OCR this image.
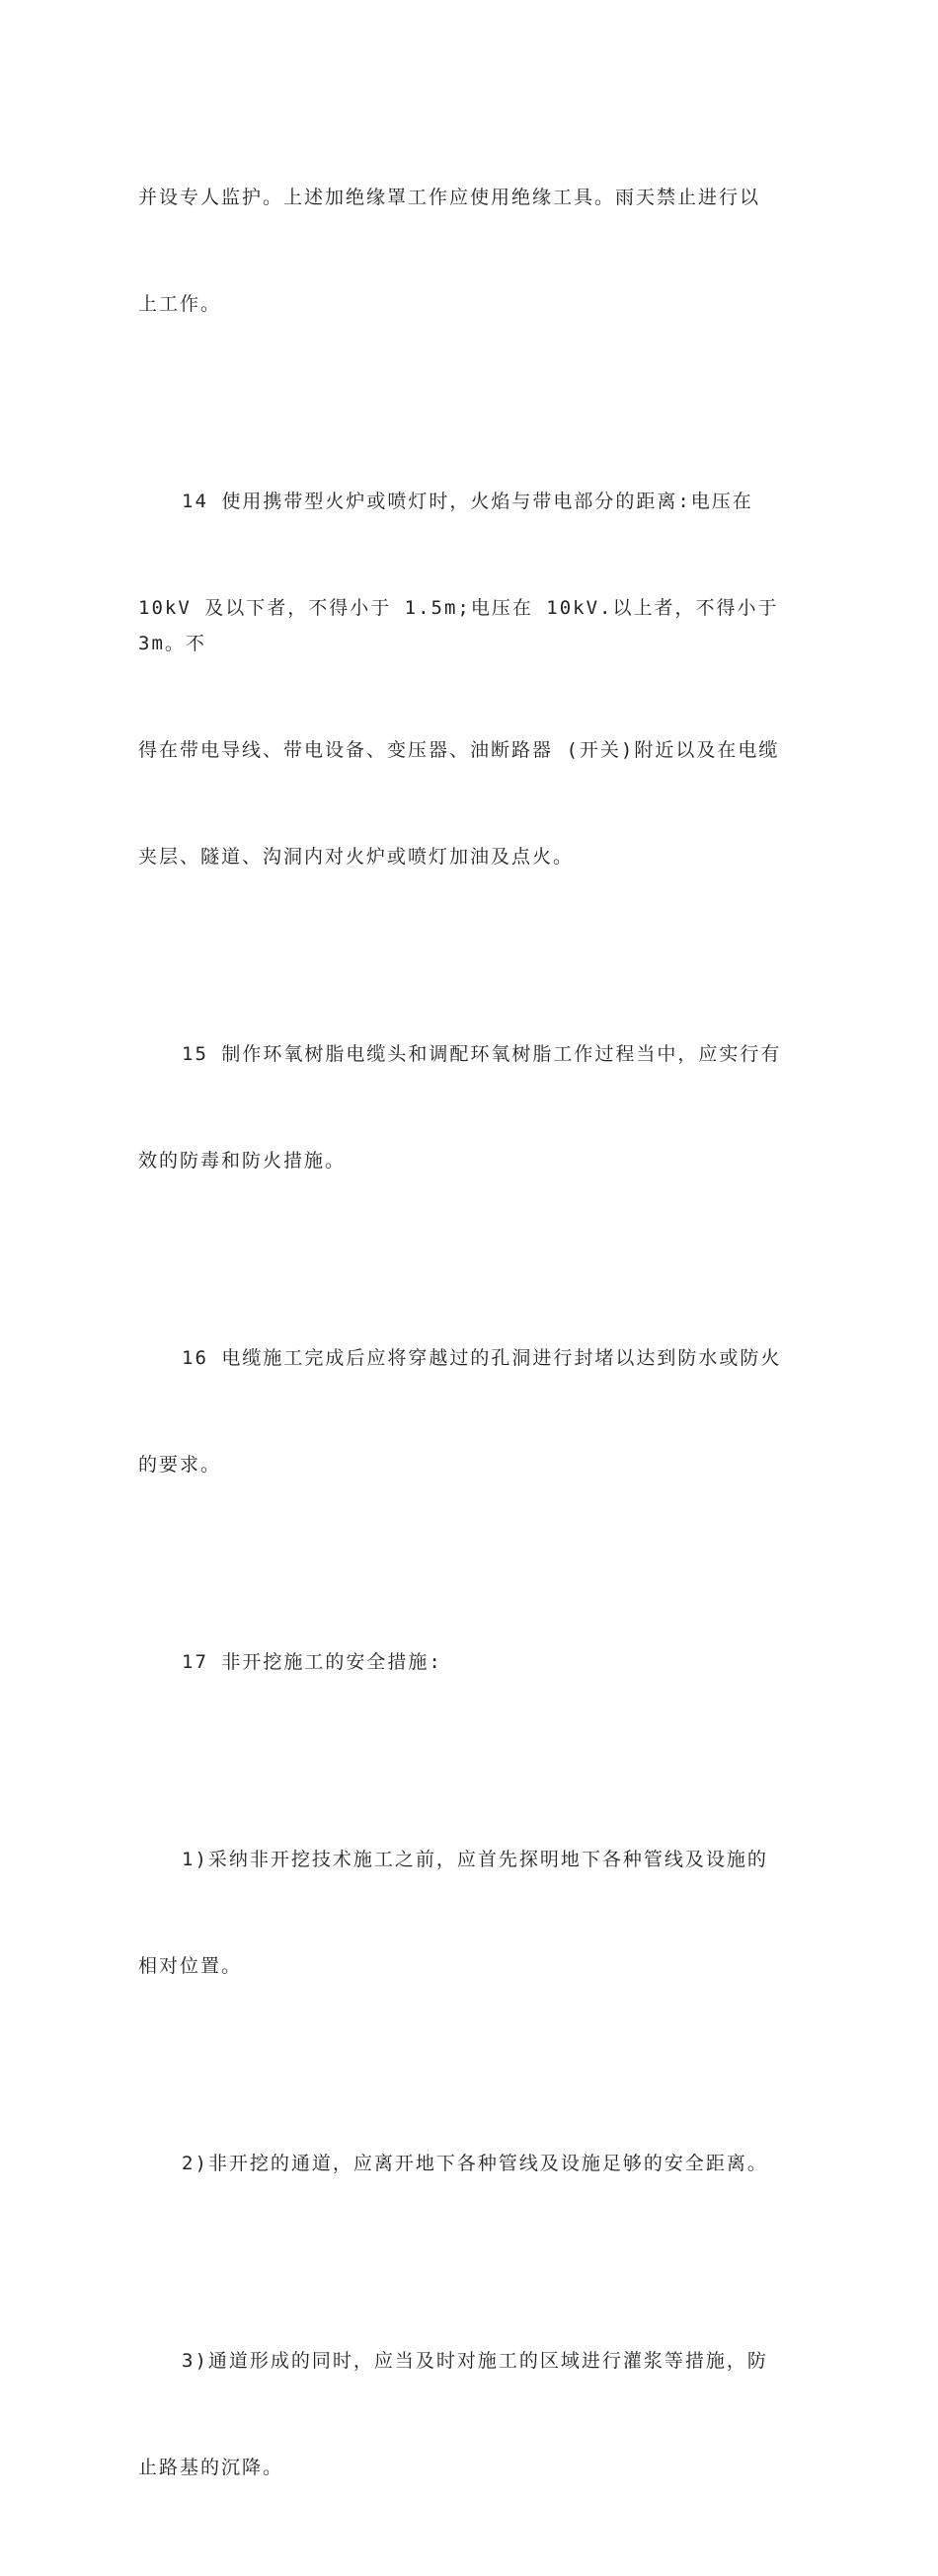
并设专人监护。上述加绝缘罩工作应使用绝缘工具。雨天禁止进行以

上工作。

14 使用携带型火炉或喷灯时，火焰与带电部分的距离:电压在

10kV 及以下者，不得小于 1.5m;电压在 10kV.以上者，不得小于 3m。不

得在带电导线、带电设备、变压器、油断路器 (开关)附近以及在电缆

夹层、隧道、沟洞内对火炉或喷灯加油及点火。

15 制作环氧树脂电缆头和调配环氧树脂工作过程当中，应实行有

效的防毒和防火措施。

16 电缆施工完成后应将穿越过的孔洞进行封堵以达到防水或防火

的要求。

17 非开挖施工的安全措施:

1)采纳非开挖技术施工之前，应首先探明地下各种管线及设施的

相对位置。

2)非开挖的通道，应离开地下各种管线及设施足够的安全距离。

3)通道形成的同时，应当及时对施工的区域进行灌浆等措施，防

止路基的沉降。
